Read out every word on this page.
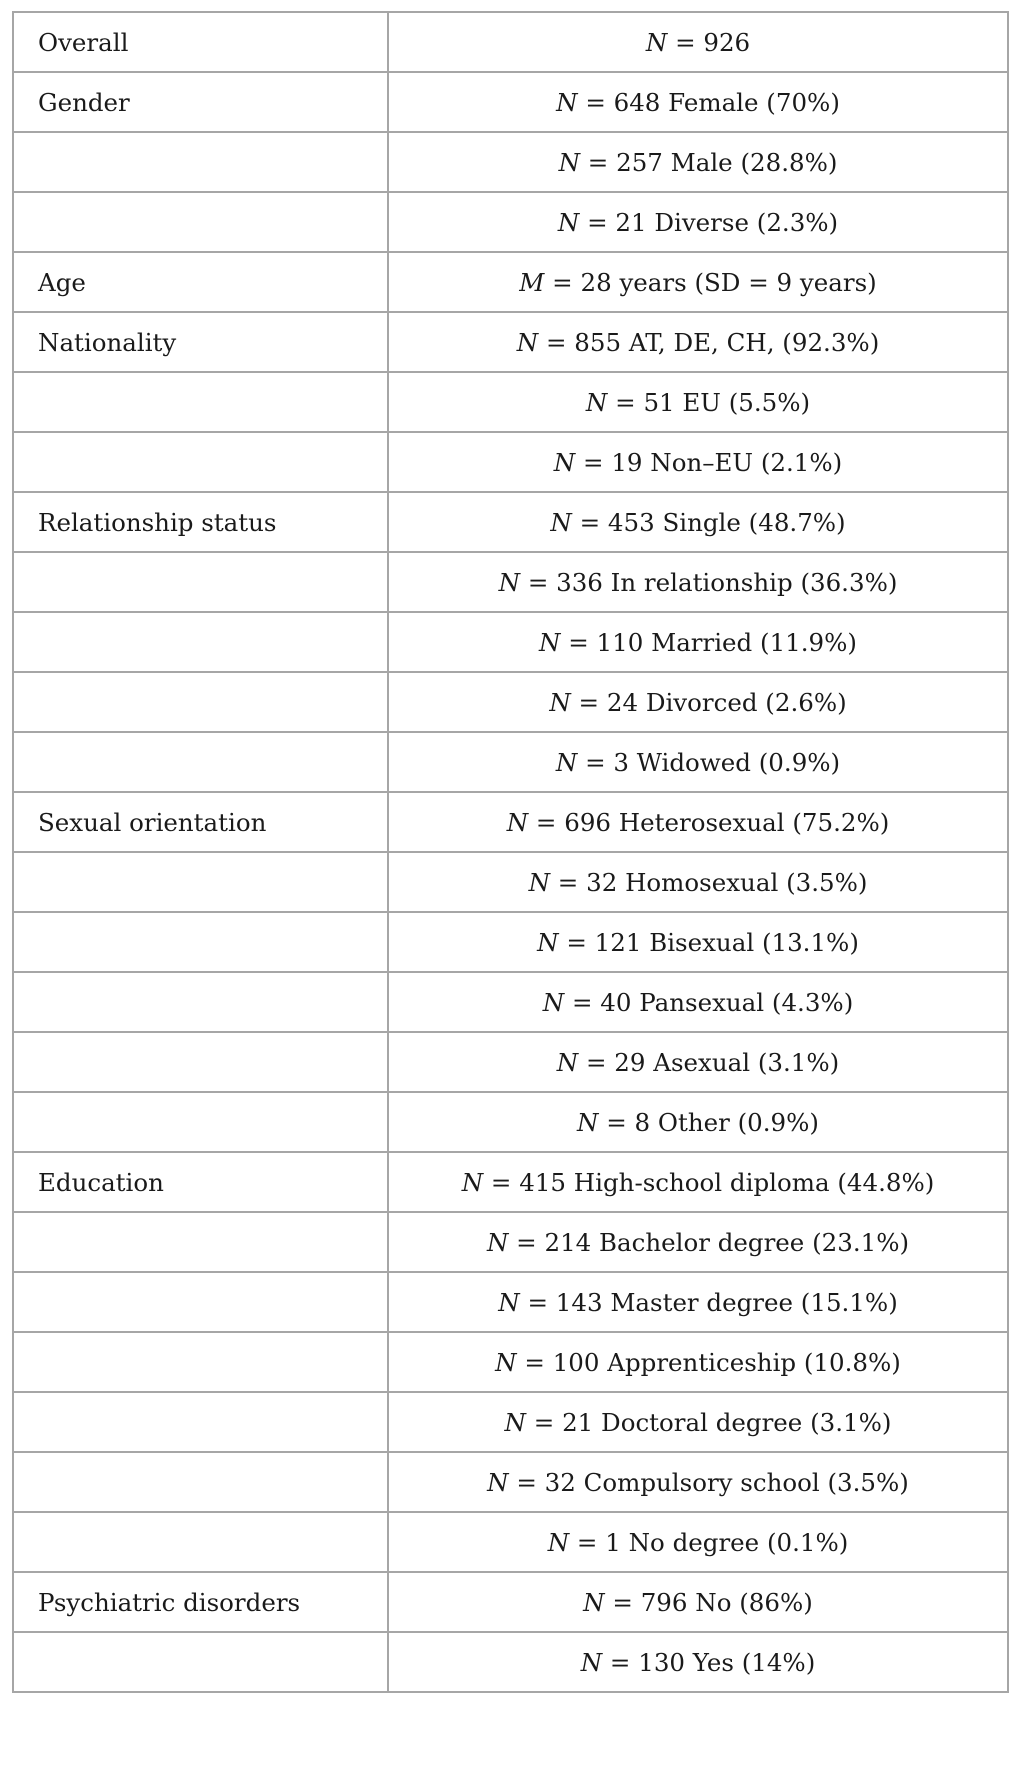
Overall	N = 926
Gender	N = 648 Female (70%)
	N = 257 Male (28.8%)
	N = 21 Diverse (2.3%)
Age	M = 28 years (SD = 9 years)
Nationality	N = 855 AT, DE, CH, (92.3%)
	N = 51 EU (5.5%)
	N = 19 Non–EU (2.1%)
Relationship status	N = 453 Single (48.7%)
	N = 336 In relationship (36.3%)
	N = 110 Married (11.9%)
	N = 24 Divorced (2.6%)
	N = 3 Widowed (0.9%)
Sexual orientation	N = 696 Heterosexual (75.2%)
	N = 32 Homosexual (3.5%)
	N = 121 Bisexual (13.1%)
	N = 40 Pansexual (4.3%)
	N = 29 Asexual (3.1%)
	N = 8 Other (0.9%)
Education	N = 415 High-school diploma (44.8%)
	N = 214 Bachelor degree (23.1%)
	N = 143 Master degree (15.1%)
	N = 100 Apprenticeship (10.8%)
	N = 21 Doctoral degree (3.1%)
	N = 32 Compulsory school (3.5%)
	N = 1 No degree (0.1%)
Psychiatric disorders	N = 796 No (86%)
	N = 130 Yes (14%)
